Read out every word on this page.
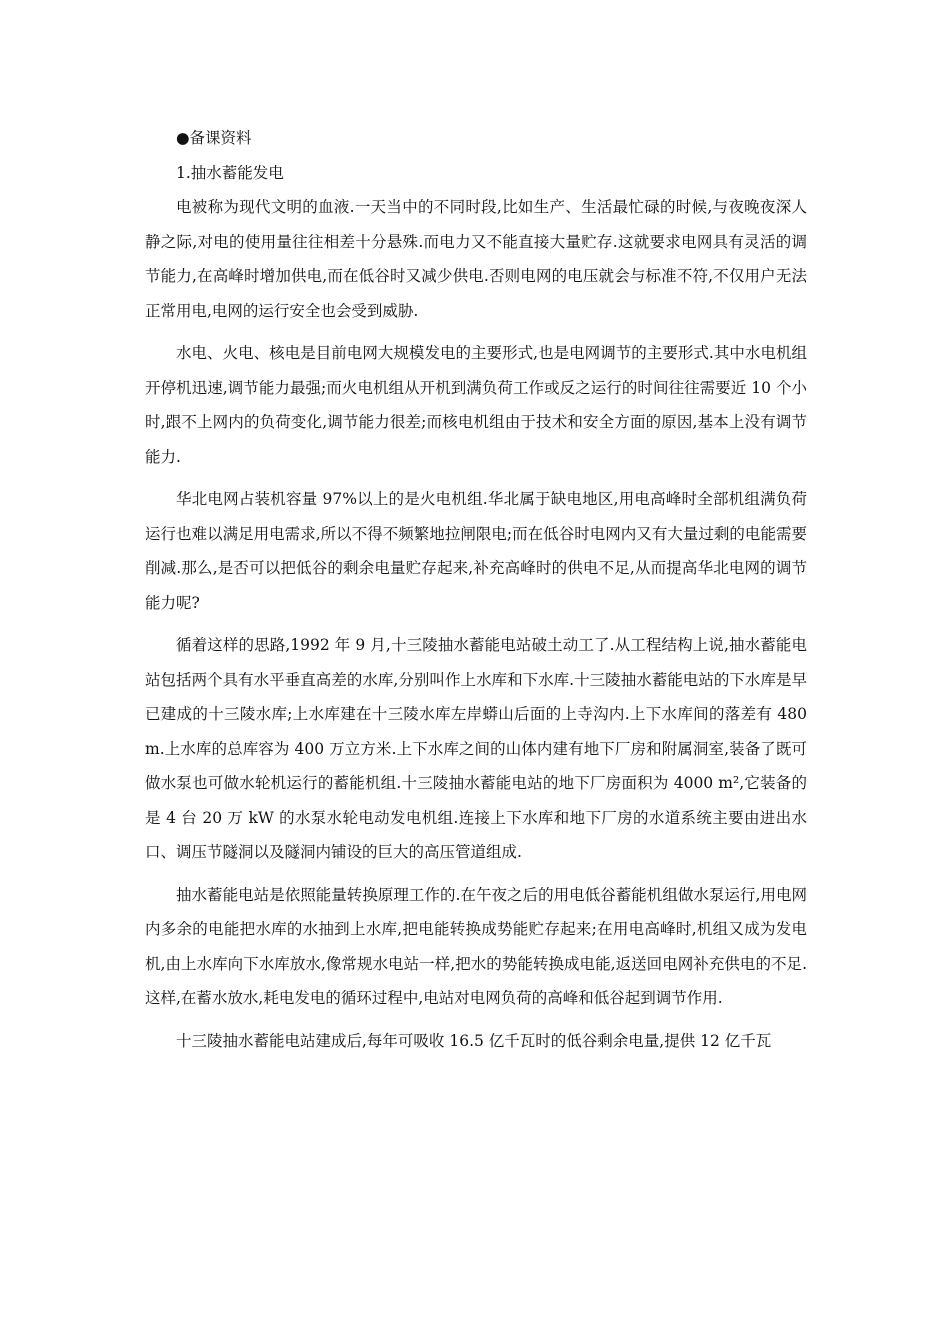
●备课资料

1.抽水蓄能发电

电被称为现代文明的血液.一天当中的不同时段,比如生产、生活最忙碌的时候,与夜晚夜深人静之际,对电的使用量往往相差十分悬殊.而电力又不能直接大量贮存.这就要求电网具有灵活的调节能力,在高峰时增加供电,而在低谷时又减少供电.否则电网的电压就会与标准不符,不仅用户无法正常用电,电网的运行安全也会受到威胁.

水电、火电、核电是目前电网大规模发电的主要形式,也是电网调节的主要形式.其中水电机组开停机迅速,调节能力最强;而火电机组从开机到满负荷工作或反之运行的时间往往需要近 10 个小时,跟不上网内的负荷变化,调节能力很差;而核电机组由于技术和安全方面的原因,基本上没有调节能力.

华北电网占装机容量 97%以上的是火电机组.华北属于缺电地区,用电高峰时全部机组满负荷运行也难以满足用电需求,所以不得不频繁地拉闸限电;而在低谷时电网内又有大量过剩的电能需要削减.那么,是否可以把低谷的剩余电量贮存起来,补充高峰时的供电不足,从而提高华北电网的调节能力呢?

循着这样的思路,1992 年 9 月,十三陵抽水蓄能电站破土动工了.从工程结构上说,抽水蓄能电站包括两个具有水平垂直高差的水库,分别叫作上水库和下水库.十三陵抽水蓄能电站的下水库是早已建成的十三陵水库;上水库建在十三陵水库左岸蟒山后面的上寺沟内.上下水库间的落差有 480 m.上水库的总库容为 400 万立方米.上下水库之间的山体内建有地下厂房和附属洞室,装备了既可做水泵也可做水轮机运行的蓄能机组.十三陵抽水蓄能电站的地下厂房面积为 4000 m²,它装备的是 4 台 20 万 kW 的水泵水轮电动发电机组.连接上下水库和地下厂房的水道系统主要由进出水口、调压节隧洞以及隧洞内铺设的巨大的高压管道组成.

抽水蓄能电站是依照能量转换原理工作的.在午夜之后的用电低谷蓄能机组做水泵运行,用电网内多余的电能把水库的水抽到上水库,把电能转换成势能贮存起来;在用电高峰时,机组又成为发电机,由上水库向下水库放水,像常规水电站一样,把水的势能转换成电能,返送回电网补充供电的不足.这样,在蓄水放水,耗电发电的循环过程中,电站对电网负荷的高峰和低谷起到调节作用.

十三陵抽水蓄能电站建成后,每年可吸收 16.5 亿千瓦时的低谷剩余电量,提供 12 亿千瓦
